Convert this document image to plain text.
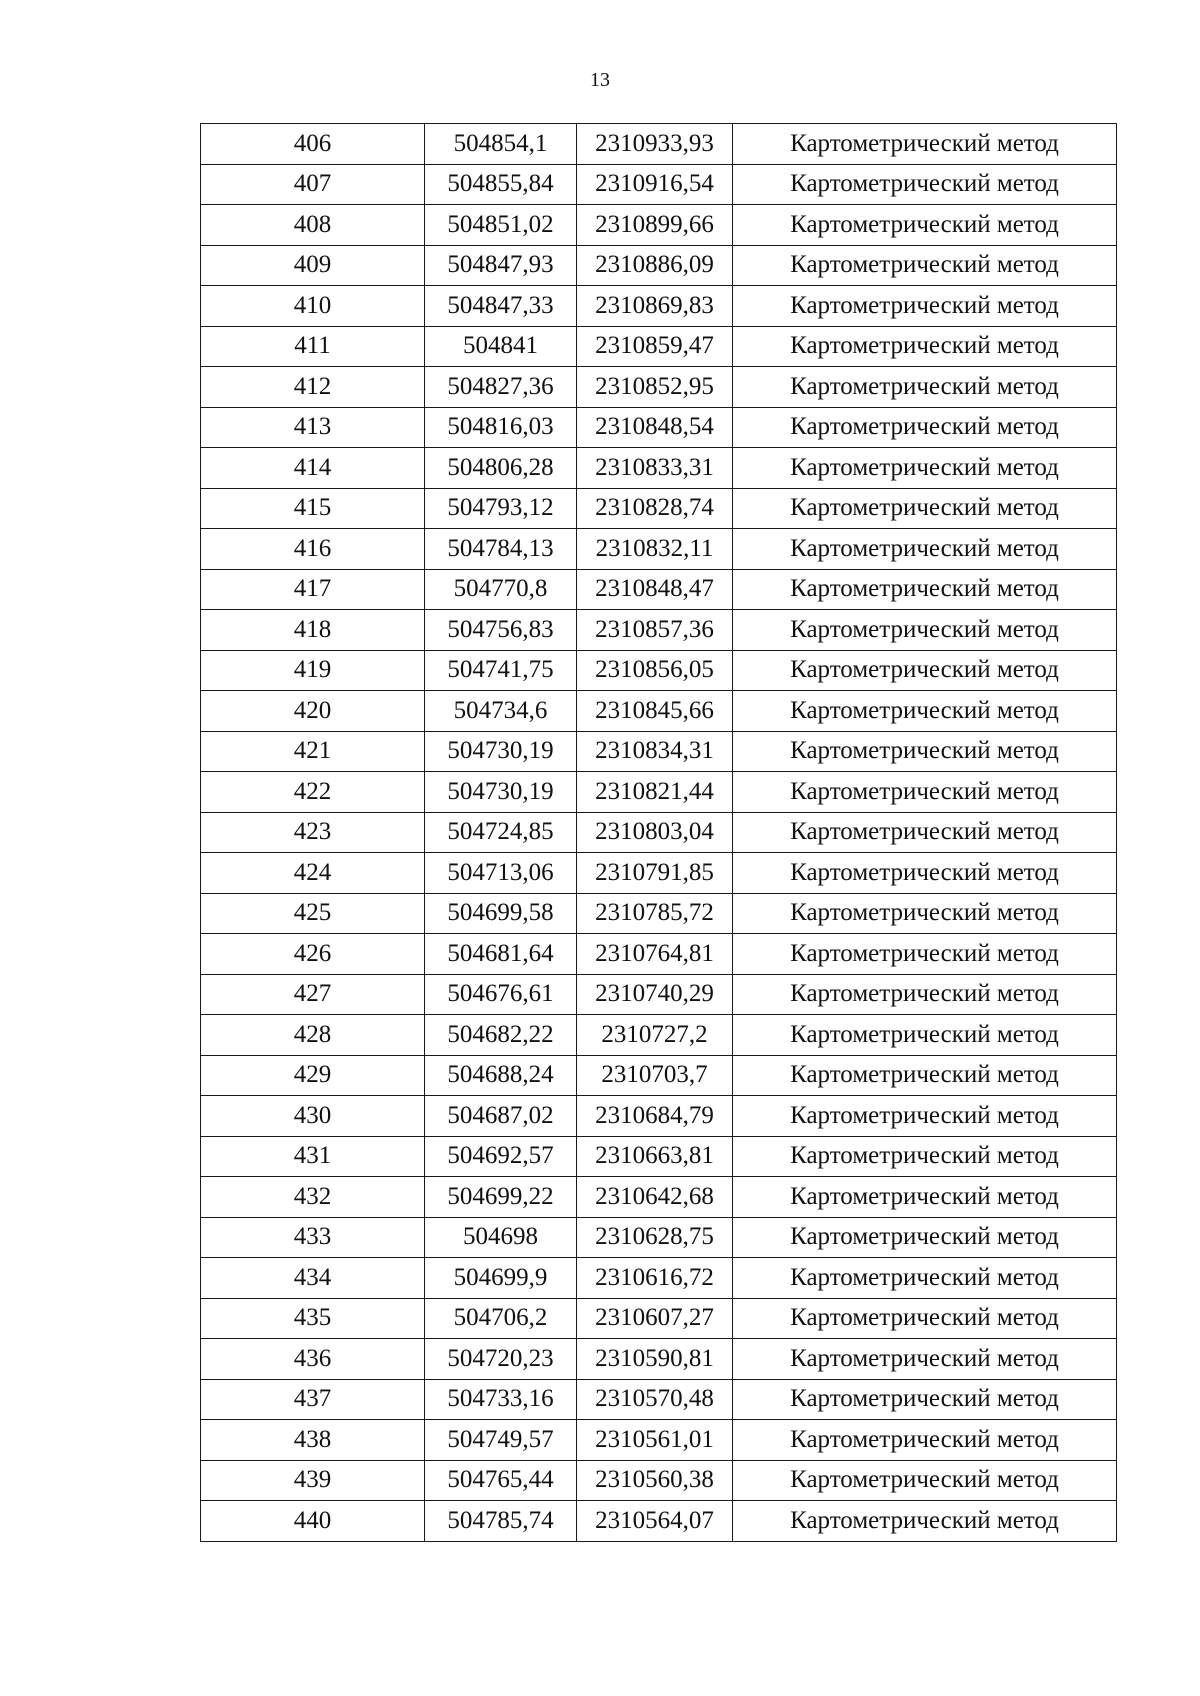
13
406	504854,1	2310933,93	Картометрический метод
407	504855,84	2310916,54	Картометрический метод
408	504851,02	2310899,66	Картометрический метод
409	504847,93	2310886,09	Картометрический метод
410	504847,33	2310869,83	Картометрический метод
411	504841	2310859,47	Картометрический метод
412	504827,36	2310852,95	Картометрический метод
413	504816,03	2310848,54	Картометрический метод
414	504806,28	2310833,31	Картометрический метод
415	504793,12	2310828,74	Картометрический метод
416	504784,13	2310832,11	Картометрический метод
417	504770,8	2310848,47	Картометрический метод
418	504756,83	2310857,36	Картометрический метод
419	504741,75	2310856,05	Картометрический метод
420	504734,6	2310845,66	Картометрический метод
421	504730,19	2310834,31	Картометрический метод
422	504730,19	2310821,44	Картометрический метод
423	504724,85	2310803,04	Картометрический метод
424	504713,06	2310791,85	Картометрический метод
425	504699,58	2310785,72	Картометрический метод
426	504681,64	2310764,81	Картометрический метод
427	504676,61	2310740,29	Картометрический метод
428	504682,22	2310727,2	Картометрический метод
429	504688,24	2310703,7	Картометрический метод
430	504687,02	2310684,79	Картометрический метод
431	504692,57	2310663,81	Картометрический метод
432	504699,22	2310642,68	Картометрический метод
433	504698	2310628,75	Картометрический метод
434	504699,9	2310616,72	Картометрический метод
435	504706,2	2310607,27	Картометрический метод
436	504720,23	2310590,81	Картометрический метод
437	504733,16	2310570,48	Картометрический метод
438	504749,57	2310561,01	Картометрический метод
439	504765,44	2310560,38	Картометрический метод
440	504785,74	2310564,07	Картометрический метод
